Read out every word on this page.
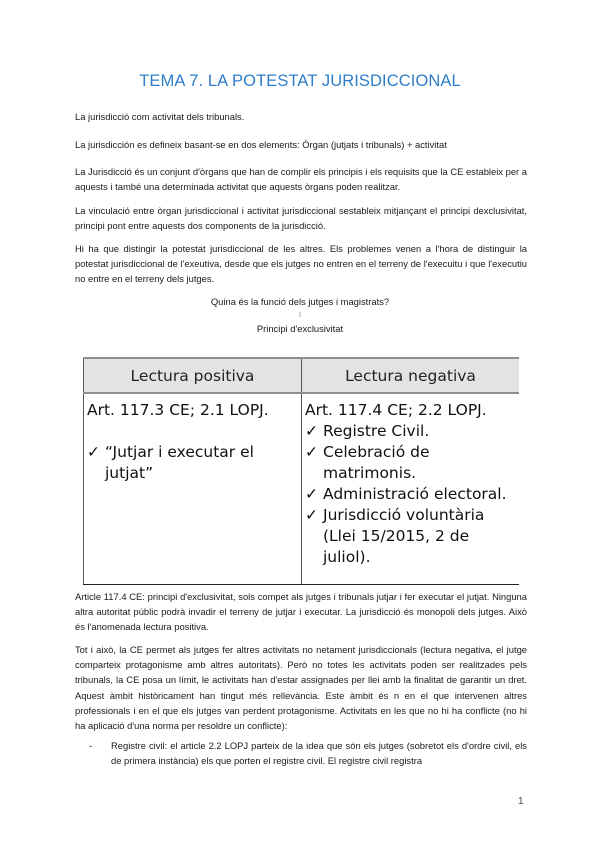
TEMA 7. LA POTESTAT JURISDICCIONAL
La jurisdicció com activitat dels tribunals.
La jurisdicción es defineix basant-se en dos elements: Òrgan (jutjats i tribunals) + activitat
La Jurisdicció és un conjunt d'òrgans que han de complir els principis i els requisits que la CE estableix per a aquests i també una determinada activitat que aquests òrgans poden realitzar.
La vinculació entre òrgan jurisdiccional i activitat jurisdiccional sestableix mitjançant el principi dexclusivitat, principi pont entre aquests dos components de la jurisdicció.
Hi ha que distingir la potestat jurisdiccional de les altres. Els problemes venen a l'hora de distinguir la potestat jurisdiccional de l'exeutiva, desde que els jutges no entren en el terreny de l'execuitu i que l'executiu no entre en el terreny dels jutges.
Quina és la funció dels jutges i magistrats?
⇩
Principi d'exclusivitat
Lectura positiva	Lectura negativa

Art. 117.3 CE; 2.1 LOPJ.
✓ “Jutjar i executar el
jutjat”

Art. 117.4 CE; 2.2 LOPJ.
✓ Registre Civil.
✓ Celebració de
matrimonis.
✓ Administració electoral.
✓ Jurisdicció voluntària
(Llei 15/2015, 2 de
juliol).
Article 117.4 CE: principi d'exclusivitat, sols compet als jutges i tribunals jutjar i fer executar el jutjat. Ninguna altra autoritat públic podrà invadir el terreny de jutjar i executar. La jurisdicció és monopoli dels jutges. Això és l'anomenada lectura positiva.
Tot i això, la CE permet als jutges fer altres activitats no netament jurisdiccionals (lectura negativa, el jutge comparteix protagonisme amb altres autoritats). Però no totes les activitats poden ser realitzades pels tribunals, la CE posa un límit, le activitats han d'estar assignades per llei amb la finalitat de garantir un dret. Aquest àmbit històricament han tingut més rellevància. Este àmbit és n en el que intervenen altres professionals i en el que els jutges van perdent protagonisme. Activitats en les que no hi ha conflicte (no hi ha aplicació d'una norma per resoldre un conflicte):
- Registre civil: el article 2.2 LOPJ parteix de la idea que són els jutges (sobretot els d'ordre civil, els de primera instància) els que porten el registre civil. El registre civil registra
1
